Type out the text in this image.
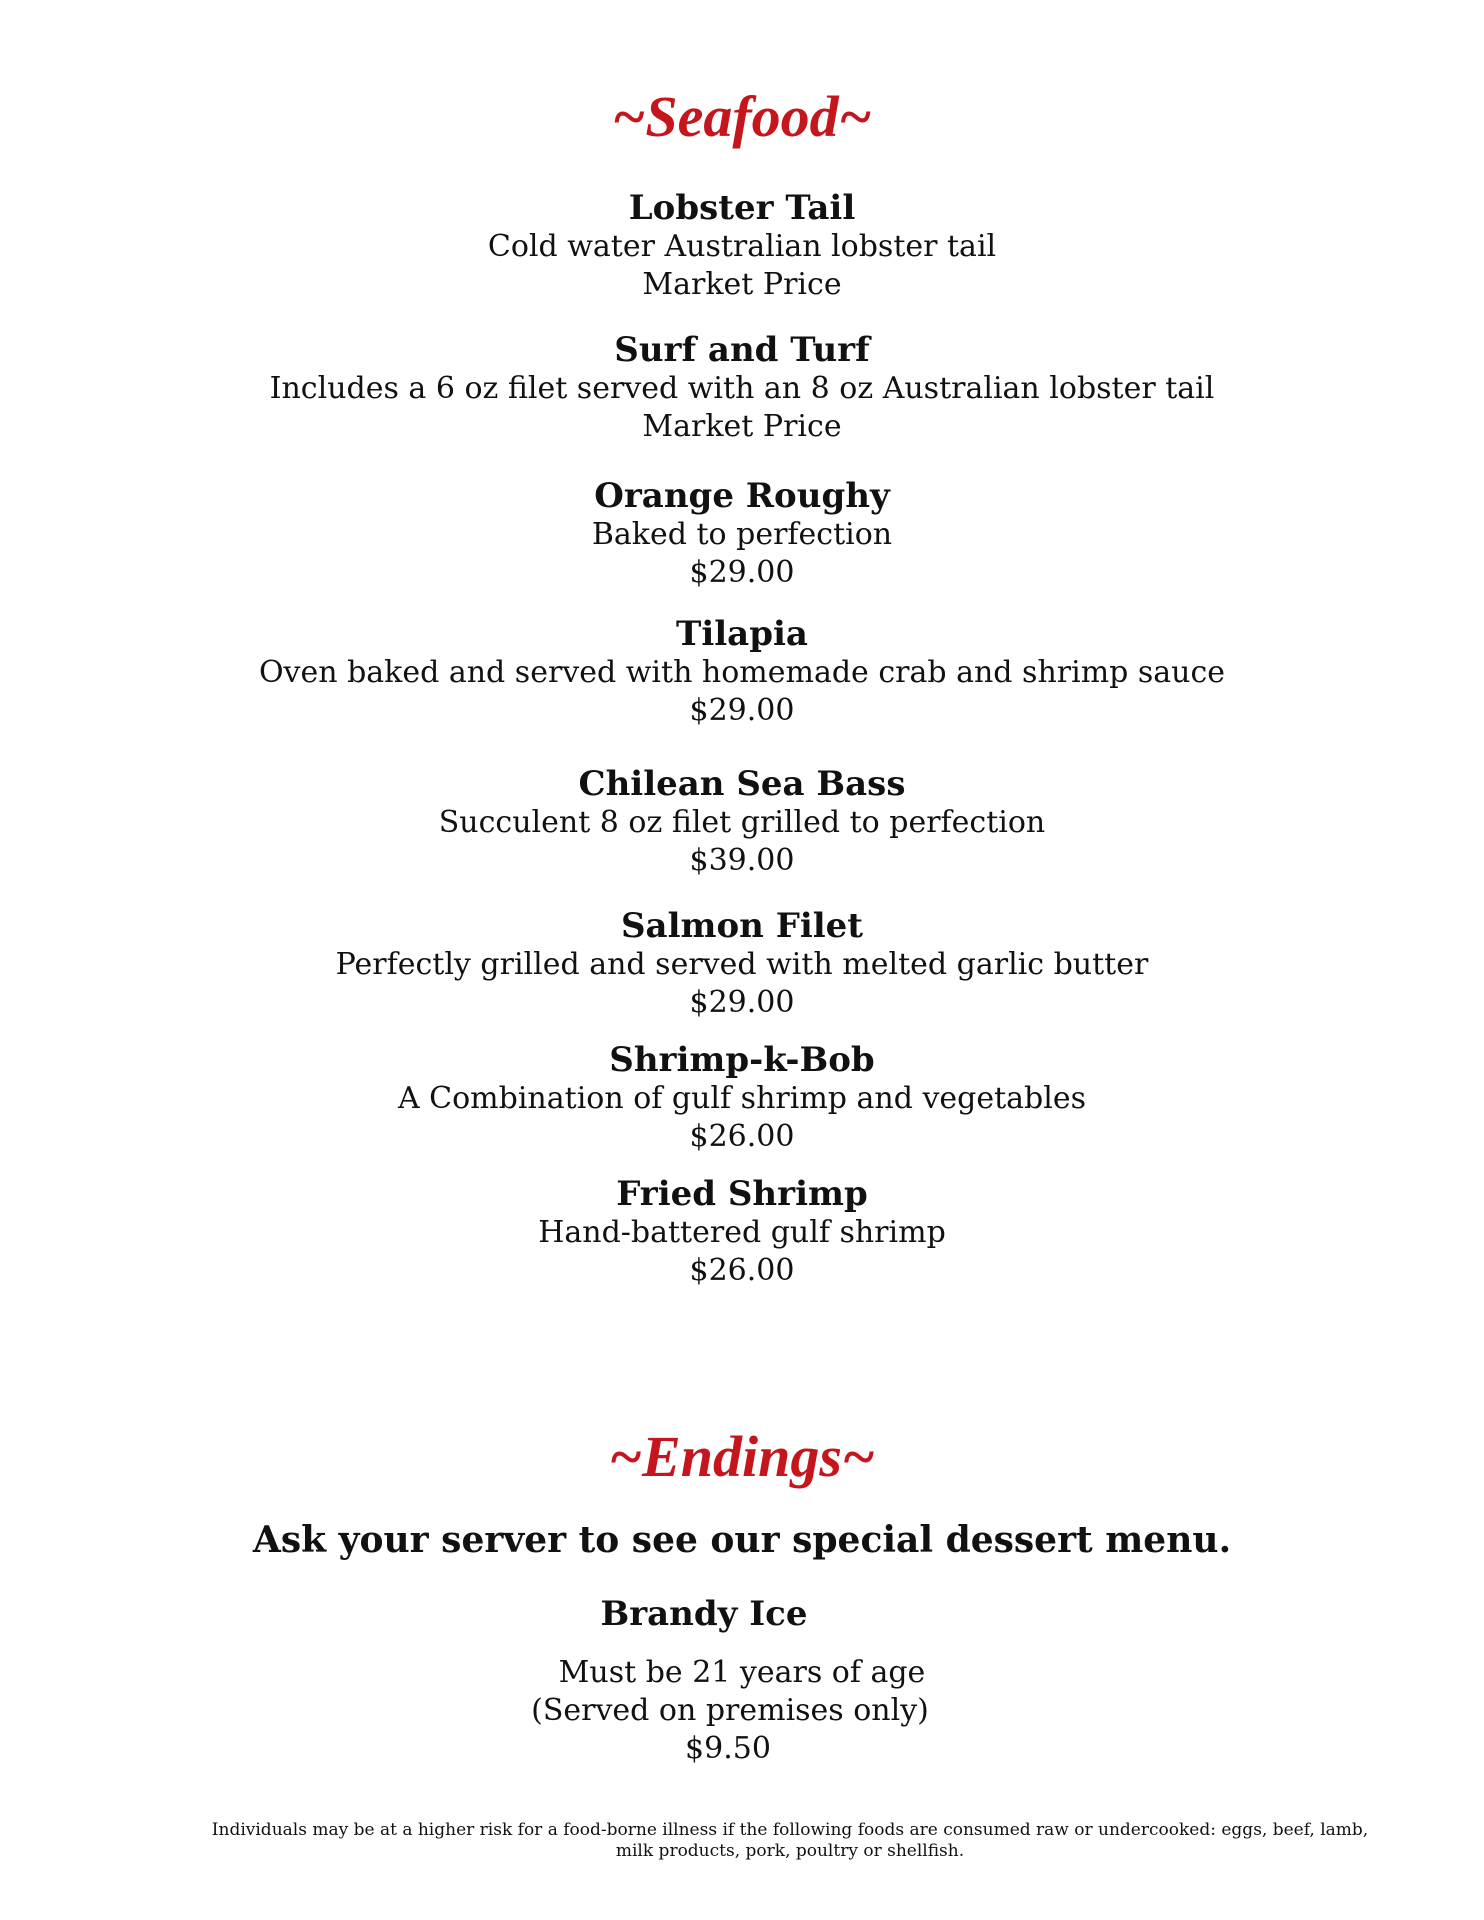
~Seafood~
Lobster Tail
Cold water Australian lobster tail
Market Price
Surf and Turf
Includes a 6 oz filet served with an 8 oz Australian lobster tail
Market Price
Orange Roughy
Baked to perfection
$29.00
Tilapia
Oven baked and served with homemade crab and shrimp sauce
$29.00
Chilean Sea Bass
Succulent 8 oz filet grilled to perfection
$39.00
Salmon Filet
Perfectly grilled and served with melted garlic butter
$29.00
Shrimp-k-Bob
A Combination of gulf shrimp and vegetables
$26.00
Fried Shrimp
Hand-battered gulf shrimp
$26.00
~Endings~
Ask your server to see our special dessert menu.
Brandy Ice
Must be 21 years of age
(Served on premises only)
$9.50
Individuals may be at a higher risk for a food-borne illness if the following foods are consumed raw or undercooked: eggs, beef, lamb,
milk products, pork, poultry or shellfish.
